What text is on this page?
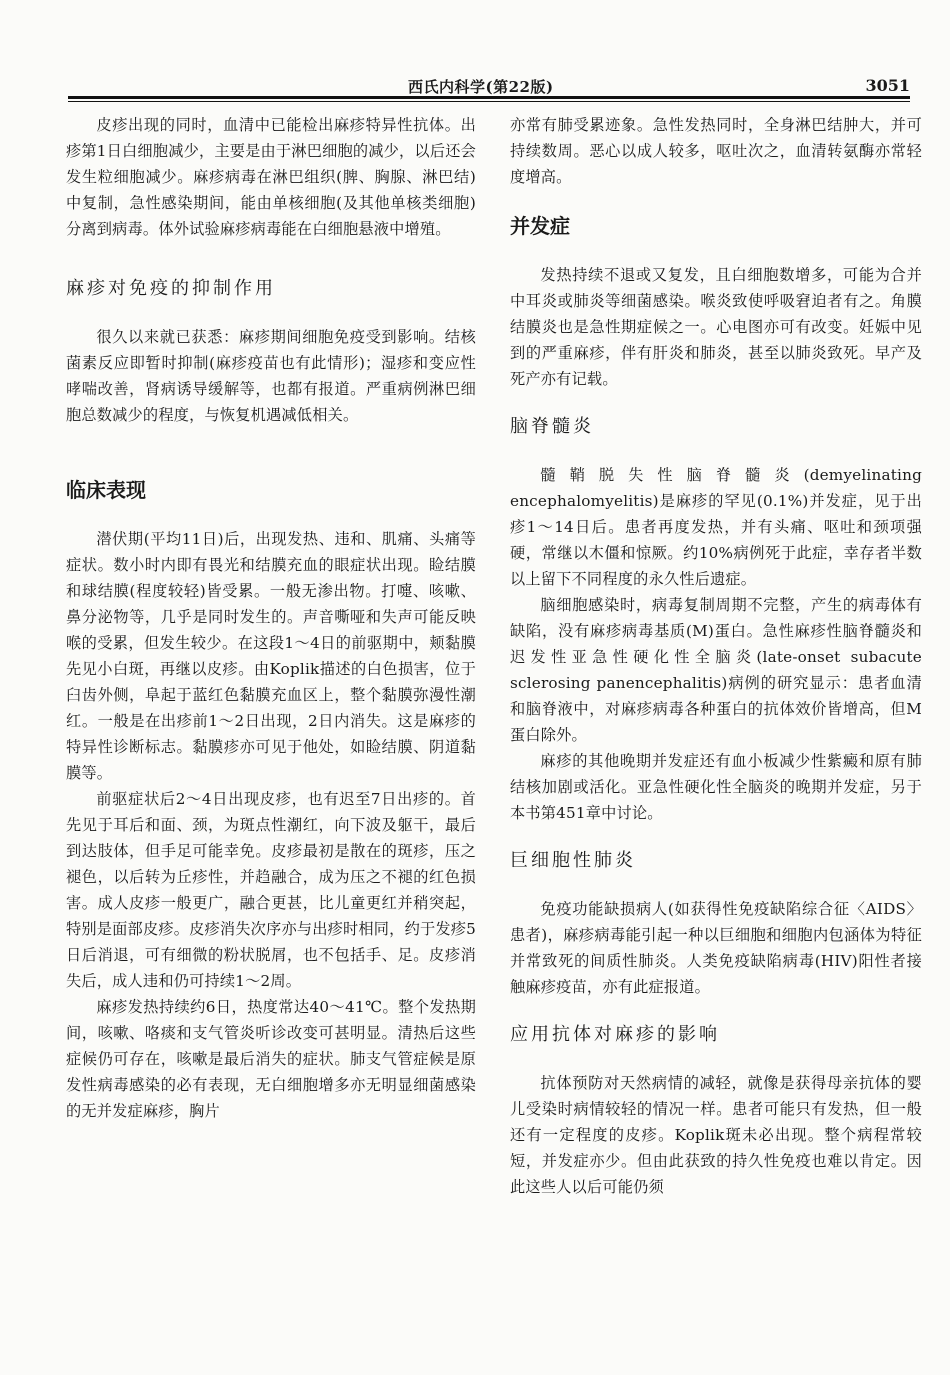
西氏内科学(第22版)	3051

皮疹出现的同时，血清中已能检出麻疹特异性抗体。出疹第1日白细胞减少，主要是由于淋巴细胞的减少，以后还会发生粒细胞减少。麻疹病毒在淋巴组织(脾、胸腺、淋巴结)中复制，急性感染期间，能由单核细胞(及其他单核类细胞)分离到病毒。体外试验麻疹病毒能在白细胞悬液中增殖。

麻疹对免疫的抑制作用

很久以来就已获悉：麻疹期间细胞免疫受到影响。结核菌素反应即暂时抑制(麻疹疫苗也有此情形)；湿疹和变应性哮喘改善，肾病诱导缓解等，也都有报道。严重病例淋巴细胞总数减少的程度，与恢复机遇减低相关。

临床表现

潜伏期(平均11日)后，出现发热、违和、肌痛、头痛等症状。数小时内即有畏光和结膜充血的眼症状出现。睑结膜和球结膜(程度较轻)皆受累。一般无渗出物。打嚏、咳嗽、鼻分泌物等，几乎是同时发生的。声音嘶哑和失声可能反映喉的受累，但发生较少。在这段1～4日的前驱期中，颊黏膜先见小白斑，再继以皮疹。由Koplik描述的白色损害，位于臼齿外侧，阜起于蓝红色黏膜充血区上，整个黏膜弥漫性潮红。一般是在出疹前1～2日出现，2日内消失。这是麻疹的特异性诊断标志。黏膜疹亦可见于他处，如睑结膜、阴道黏膜等。

前驱症状后2～4日出现皮疹，也有迟至7日出疹的。首先见于耳后和面、颈，为斑点性潮红，向下波及躯干，最后到达肢体，但手足可能幸免。皮疹最初是散在的斑疹，压之褪色，以后转为丘疹性，并趋融合，成为压之不褪的红色损害。成人皮疹一般更广，融合更甚，比儿童更红并稍突起，特别是面部皮疹。皮疹消失次序亦与出疹时相同，约于发疹5日后消退，可有细微的粉状脱屑，也不包括手、足。皮疹消失后，成人违和仍可持续1～2周。

麻疹发热持续约6日，热度常达40～41℃。整个发热期间，咳嗽、咯痰和支气管炎听诊改变可甚明显。清热后这些症候仍可存在，咳嗽是最后消失的症状。肺支气管症候是原发性病毒感染的必有表现，无白细胞增多亦无明显细菌感染的无并发症麻疹，胸片

亦常有肺受累迹象。急性发热同时，全身淋巴结肿大，并可持续数周。恶心以成人较多，呕吐次之，血清转氨酶亦常轻度增高。

并发症

发热持续不退或又复发，且白细胞数增多，可能为合并中耳炎或肺炎等细菌感染。喉炎致使呼吸窘迫者有之。角膜结膜炎也是急性期症候之一。心电图亦可有改变。妊娠中见到的严重麻疹，伴有肝炎和肺炎，甚至以肺炎致死。早产及死产亦有记载。

脑脊髓炎

髓鞘脱失性脑脊髓炎(demyelinating encephalomyelitis)是麻疹的罕见(0.1%)并发症，见于出疹1～14日后。患者再度发热，并有头痛、呕吐和颈项强硬，常继以木僵和惊厥。约10%病例死于此症，幸存者半数以上留下不同程度的永久性后遗症。

脑细胞感染时，病毒复制周期不完整，产生的病毒体有缺陷，没有麻疹病毒基质(M)蛋白。急性麻疹性脑脊髓炎和迟发性亚急性硬化性全脑炎(late-onset subacute sclerosing panencephalitis)病例的研究显示：患者血清和脑脊液中，对麻疹病毒各种蛋白的抗体效价皆增高，但M蛋白除外。

麻疹的其他晚期并发症还有血小板减少性紫癜和原有肺结核加剧或活化。亚急性硬化性全脑炎的晚期并发症，另于本书第451章中讨论。

巨细胞性肺炎

免疫功能缺损病人(如获得性免疫缺陷综合征〈AIDS〉患者)，麻疹病毒能引起一种以巨细胞和细胞内包涵体为特征并常致死的间质性肺炎。人类免疫缺陷病毒(HIV)阳性者接触麻疹疫苗，亦有此症报道。

应用抗体对麻疹的影响

抗体预防对天然病情的减轻，就像是获得母亲抗体的婴儿受染时病情较轻的情况一样。患者可能只有发热，但一般还有一定程度的皮疹。Koplik斑未必出现。整个病程常较短，并发症亦少。但由此获致的持久性免疫也难以肯定。因此这些人以后可能仍须
